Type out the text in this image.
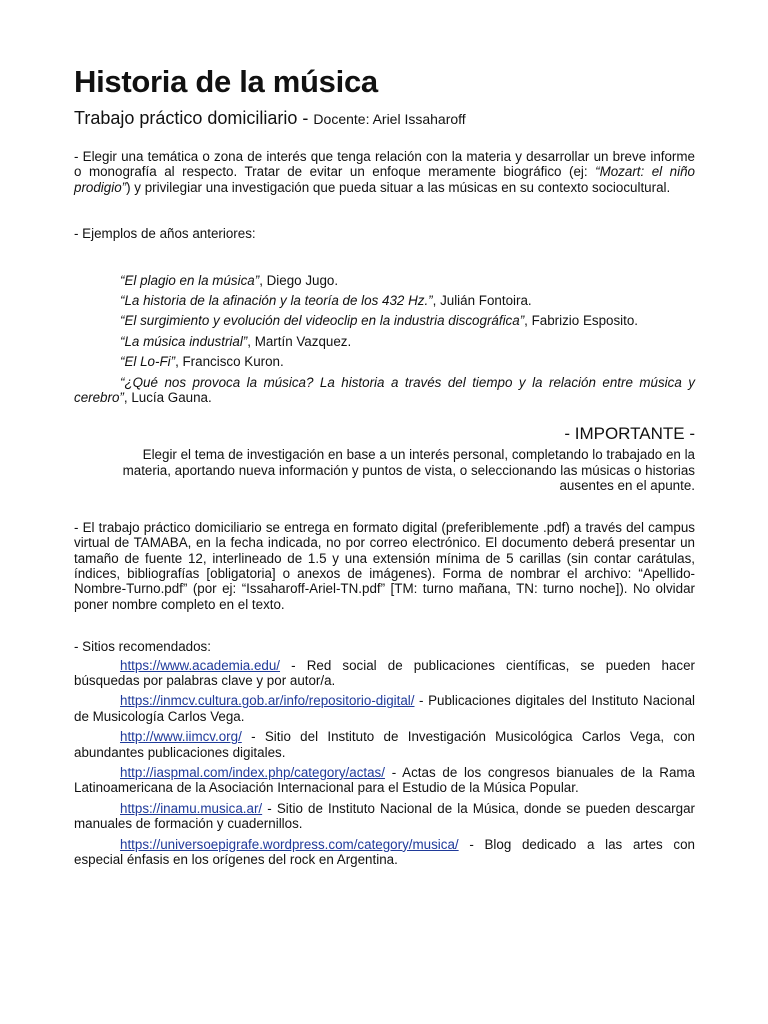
Historia de la música
Trabajo práctico domiciliario - Docente: Ariel Issaharoff

- Elegir una temática o zona de interés que tenga relación con la materia y desarrollar un breve informe o monografía al respecto. Tratar de evitar un enfoque meramente biográfico (ej: “Mozart: el niño prodigio”) y privilegiar una investigación que pueda situar a las músicas en su contexto sociocultural.

- Ejemplos de años anteriores:

“El plagio en la música”, Diego Jugo.

“La historia de la afinación y la teoría de los 432 Hz.”, Julián Fontoira.

“El surgimiento y evolución del videoclip en la industria discográfica”, Fabrizio Esposito.

“La música industrial”, Martín Vazquez.

“El Lo-Fi”, Francisco Kuron.

“¿Qué nos provoca la música? La historia a través del tiempo y la relación entre música y cerebro”, Lucía Gauna.

- IMPORTANTE -

Elegir el tema de investigación en base a un interés personal, completando lo trabajado en la materia, aportando nueva información y puntos de vista, o seleccionando las músicas o historias ausentes en el apunte.

- El trabajo práctico domiciliario se entrega en formato digital (preferiblemente .pdf) a través del campus virtual de TAMABA, en la fecha indicada, no por correo electrónico. El documento deberá presentar un tamaño de fuente 12, interlineado de 1.5 y una extensión mínima de 5 carillas (sin contar carátulas, índices, bibliografías [obligatoria] o anexos de imágenes). Forma de nombrar el archivo: “Apellido-Nombre-Turno.pdf” (por ej: “Issaharoff-Ariel-TN.pdf” [TM: turno mañana, TN: turno noche]). No olvidar poner nombre completo en el texto.

- Sitios recomendados:

https://www.academia.edu/ - Red social de publicaciones científicas, se pueden hacer búsquedas por palabras clave y por autor/a.

https://inmcv.cultura.gob.ar/info/repositorio-digital/ - Publicaciones digitales del Instituto Nacional de Musicología Carlos Vega.

http://www.iimcv.org/ - Sitio del Instituto de Investigación Musicológica Carlos Vega, con abundantes publicaciones digitales.

http://iaspmal.com/index.php/category/actas/ - Actas de los congresos bianuales de la Rama Latinoamericana de la Asociación Internacional para el Estudio de la Música Popular.

https://inamu.musica.ar/ - Sitio de Instituto Nacional de la Música, donde se pueden descargar manuales de formación y cuadernillos.

https://universoepigrafe.wordpress.com/category/musica/ - Blog dedicado a las artes con especial énfasis en los orígenes del rock en Argentina.
